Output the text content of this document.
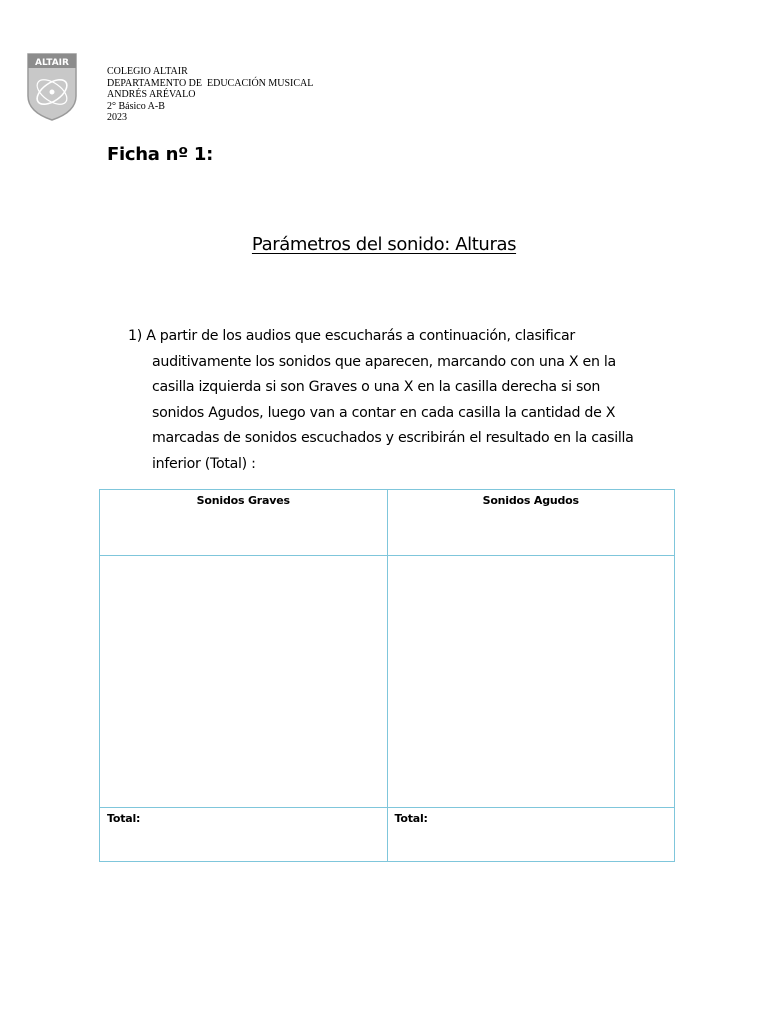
ALTAIR
COLEGIO ALTAIR
DEPARTAMENTO DE  EDUCACIÓN MUSICAL
ANDRÉS ARÉVALO
2° Básico A-B
2023
Ficha nº 1:
Parámetros del sonido: Alturas
1) A partir de los audios que escucharás a continuación, clasificar
auditivamente los sonidos que aparecen, marcando con una X en la
casilla izquierda si son Graves o una X en la casilla derecha si son
sonidos Agudos, luego van a contar en cada casilla la cantidad de X
marcadas de sonidos escuchados y escribirán el resultado en la casilla
inferior (Total) :
Sonidos Graves	Sonidos Agudos

Total:	Total:
